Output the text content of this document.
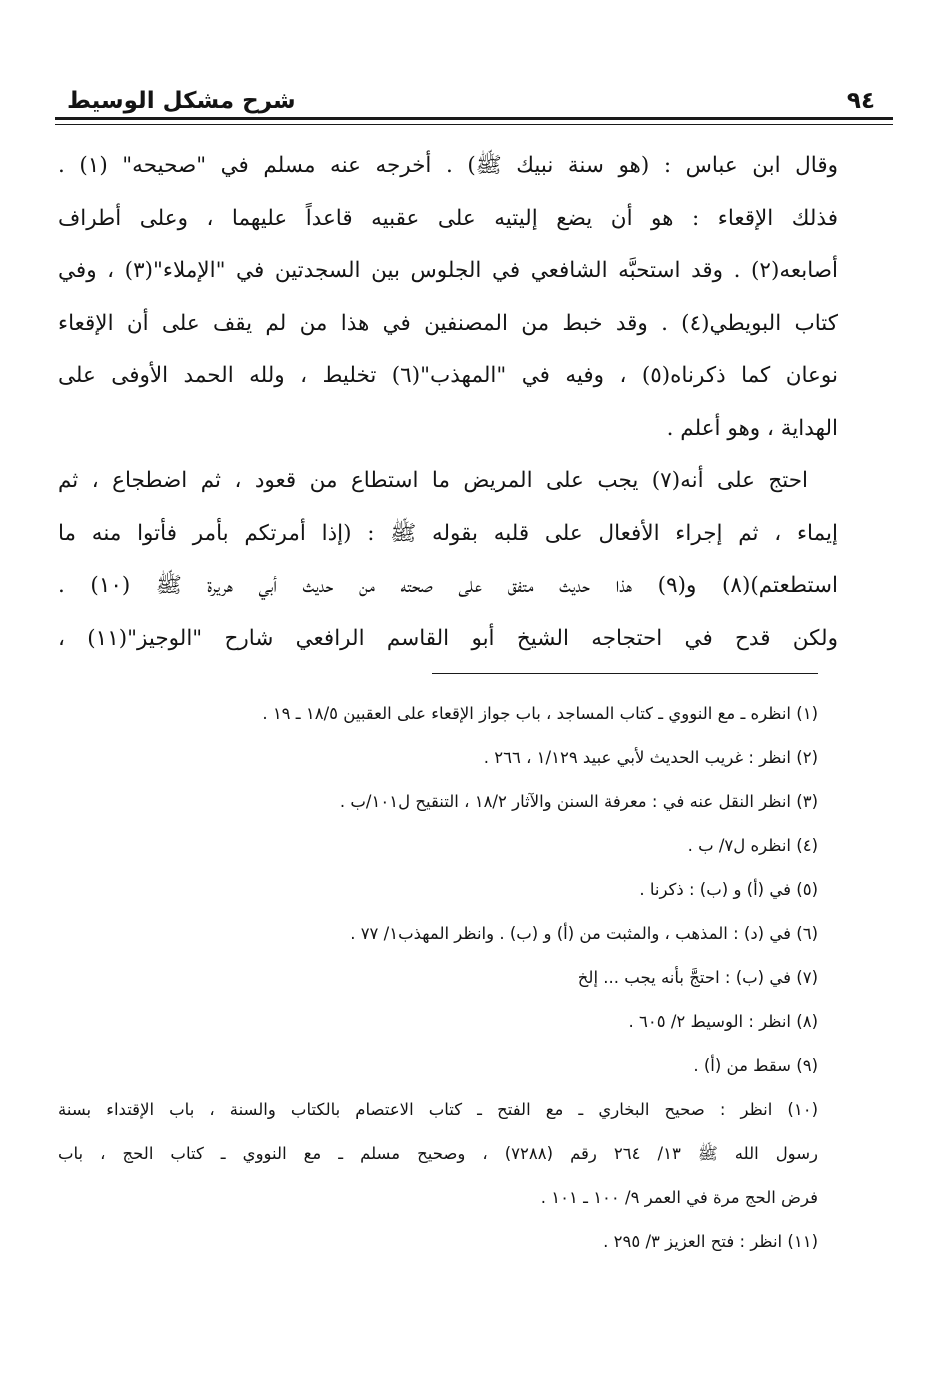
شرح مشكل الوسيط	٩٤
وقال ابن عباس : (هو سنة نبيك ﷺ) . أخرجه عنه مسلم في "صحيحه" (١) .
فذلك الإقعاء : هو أن يضع إليتيه على عقبيه قاعداً عليهما ، وعلى أطراف
أصابعه(٢) . وقد استحبَّه الشافعي في الجلوس بين السجدتين في "الإملاء"(٣) ، وفي
كتاب البويطي(٤) . وقد خبط من المصنفين في هذا من لم يقف على أن الإقعاء
نوعان كما ذكرناه(٥) ، وفيه في "المهذب"(٦) تخليط ، ولله الحمد الأوفى على
الهداية ، وهو أعلم .
احتج على أنه(٧) يجب على المريض ما استطاع من قعود ، ثم اضطجاع ، ثم
إيماء ، ثم إجراء الأفعال على قلبه بقوله ﷺ : (إذا أمرتكم بأمر فأتوا منه ما
استطعتم)(٨) و(٩) هذا حديث متفق على صحته من حديث أبي هريرة ﷺ (١٠) .
ولكن قدح في احتجاجه الشيخ أبو القاسم الرافعي شارح "الوجيز"(١١) ،
(١) انظره ـ مع النووي ـ كتاب المساجد ، باب جواز الإقعاء على العقبين ١٨/٥ ـ ١٩ .
(٢) انظر : غريب الحديث لأبي عبيد ١/١٢٩ ، ٢٦٦ .
(٣) انظر النقل عنه في : معرفة السنن والآثار ١٨/٢ ، التنقيح ل١٠١/ب .
(٤) انظره ل٧/ ب .
(٥) في (أ) و (ب) : ذكرنا .
(٦) في (د) : المذهب ، والمثبت من (أ) و (ب) . وانظر المهذب١/ ٧٧ .
(٧) في (ب) : احتجَّ بأنه يجب ... إلخ
(٨) انظر : الوسيط ٢/ ٦٠٥ .
(٩) سقط من (أ) .
(١٠) انظر : صحيح البخاري ـ مع الفتح ـ كتاب الاعتصام بالكتاب والسنة ، باب الإقتداء بسنة
رسول الله ﷺ ١٣/ ٢٦٤ رقم (٧٢٨٨) ، وصحيح مسلم ـ مع النووي ـ كتاب الحج ، باب
فرض الحج مرة في العمر ٩/ ١٠٠ ـ ١٠١ .
(١١) انظر : فتح العزيز ٣/ ٢٩٥ .
